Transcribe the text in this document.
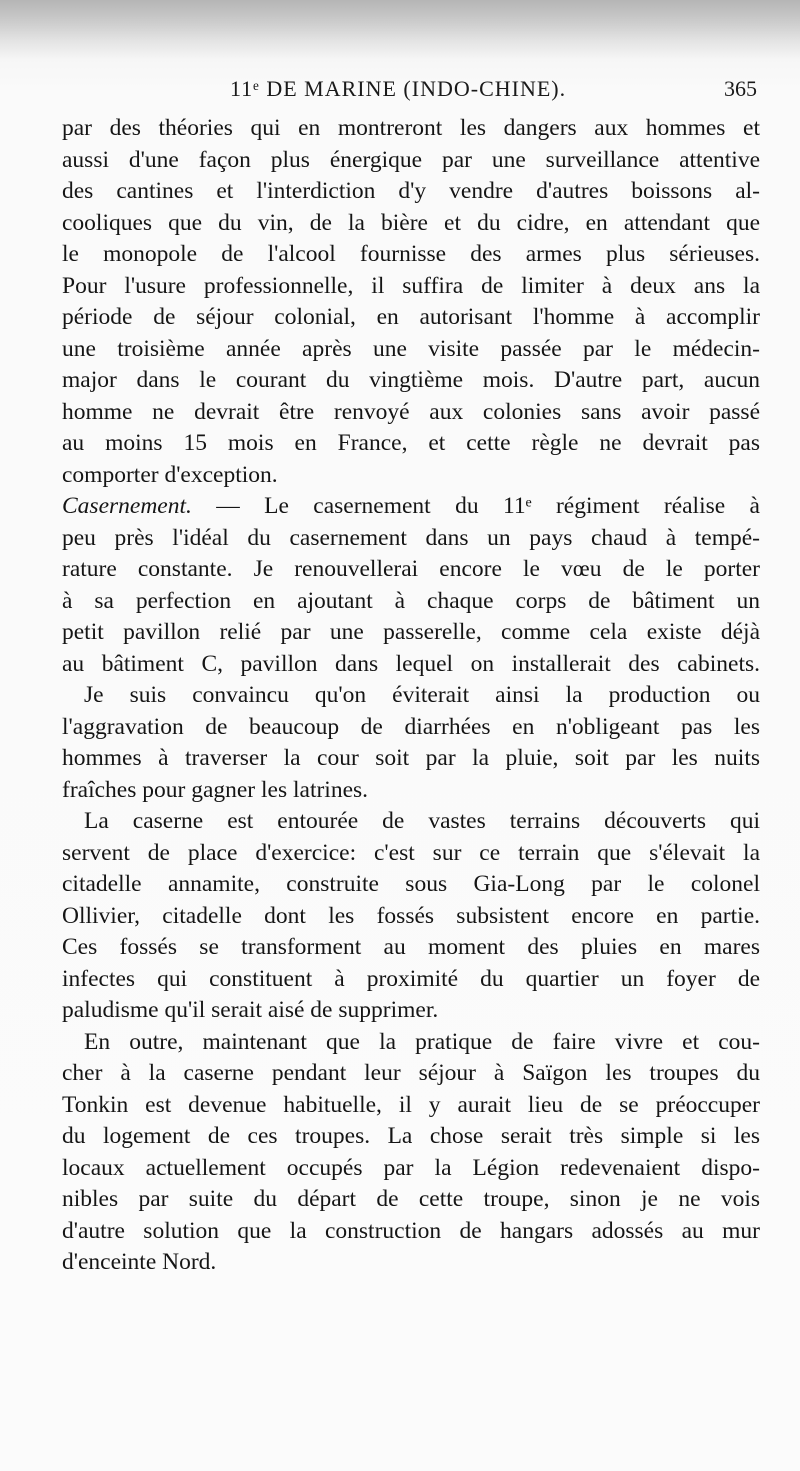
11ᵉ DE MARINE (INDO-CHINE).	365
par des théories qui en montreront les dangers aux hommes et
aussi d'une façon plus énergique par une surveillance attentive
des cantines et l'interdiction d'y vendre d'autres boissons al-
cooliques que du vin, de la bière et du cidre, en attendant que
le monopole de l'alcool fournisse des armes plus sérieuses.
Pour l'usure professionnelle, il suffira de limiter à deux ans la
période de séjour colonial, en autorisant l'homme à accomplir
une troisième année après une visite passée par le médecin-
major dans le courant du vingtième mois. D'autre part, aucun
homme ne devrait être renvoyé aux colonies sans avoir passé
au moins 15 mois en France, et cette règle ne devrait pas
comporter d'exception.
Casernement. — Le casernement du 11ᵉ régiment réalise à
peu près l'idéal du casernement dans un pays chaud à tempé-
rature constante. Je renouvellerai encore le vœu de le porter
à sa perfection en ajoutant à chaque corps de bâtiment un
petit pavillon relié par une passerelle, comme cela existe déjà
au bâtiment C, pavillon dans lequel on installerait des cabinets.
Je suis convaincu qu'on éviterait ainsi la production ou
l'aggravation de beaucoup de diarrhées en n'obligeant pas les
hommes à traverser la cour soit par la pluie, soit par les nuits
fraîches pour gagner les latrines.
La caserne est entourée de vastes terrains découverts qui
servent de place d'exercice: c'est sur ce terrain que s'élevait la
citadelle annamite, construite sous Gia-Long par le colonel
Ollivier, citadelle dont les fossés subsistent encore en partie.
Ces fossés se transforment au moment des pluies en mares
infectes qui constituent à proximité du quartier un foyer de
paludisme qu'il serait aisé de supprimer.
En outre, maintenant que la pratique de faire vivre et cou-
cher à la caserne pendant leur séjour à Saïgon les troupes du
Tonkin est devenue habituelle, il y aurait lieu de se préoccuper
du logement de ces troupes. La chose serait très simple si les
locaux actuellement occupés par la Légion redevenaient dispo-
nibles par suite du départ de cette troupe, sinon je ne vois
d'autre solution que la construction de hangars adossés au mur
d'enceinte Nord.
